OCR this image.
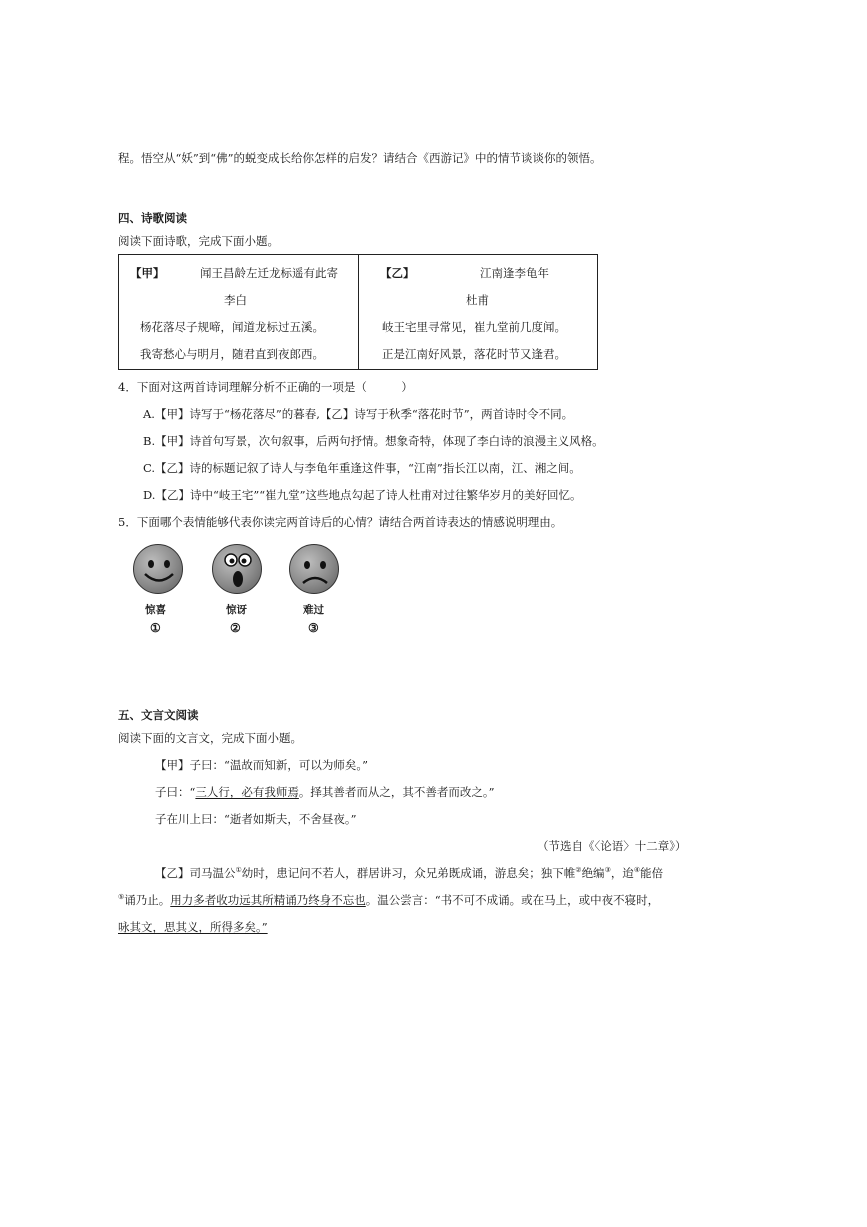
程。悟空从“妖”到“佛”的蜕变成长给你怎样的启发？请结合《西游记》中的情节谈谈你的领悟。
四、诗歌阅读
阅读下面诗歌，完成下面小题。
【甲】	闻王昌龄左迁龙标遥有此寄
李白
杨花落尽子规啼，闻道龙标过五溪。
我寄愁心与明月，随君直到夜郎西。
【乙】	江南逢李龟年
杜甫
岐王宅里寻常见，崔九堂前几度闻。
正是江南好风景，落花时节又逢君。
4．下面对这两首诗词理解分析不正确的一项是（　　　）
A.【甲】诗写于“杨花落尽”的暮春,【乙】诗写于秋季“落花时节”，两首诗时令不同。
B.【甲】诗首句写景，次句叙事，后两句抒情。想象奇特，体现了李白诗的浪漫主义风格。
C.【乙】诗的标题记叙了诗人与李龟年重逢这件事，“江南”指长江以南，江、湘之间。
D.【乙】诗中“岐王宅”“崔九堂”这些地点勾起了诗人杜甫对过往繁华岁月的美好回忆。
5．下面哪个表情能够代表你读完两首诗后的心情？请结合两首诗表达的情感说明理由。
惊喜
①
惊讶
②
难过
③
五、文言文阅读
阅读下面的文言文，完成下面小题。
【甲】子曰：“温故而知新，可以为师矣。”
子曰：“三人行，必有我师焉。择其善者而从之，其不善者而改之。”
子在川上曰：“逝者如斯夫，不舍昼夜。”
（节选自《〈论语〉十二章》）
【乙】司马温公①幼时，患记问不若人，群居讲习，众兄弟既成诵，游息矣；独下帷②绝编③，迨④能倍
⑤诵乃止。用力多者收功远其所精诵乃终身不忘也。温公尝言：“书不可不成诵。或在马上，或中夜不寝时，
咏其文，思其义，所得多矣。”
